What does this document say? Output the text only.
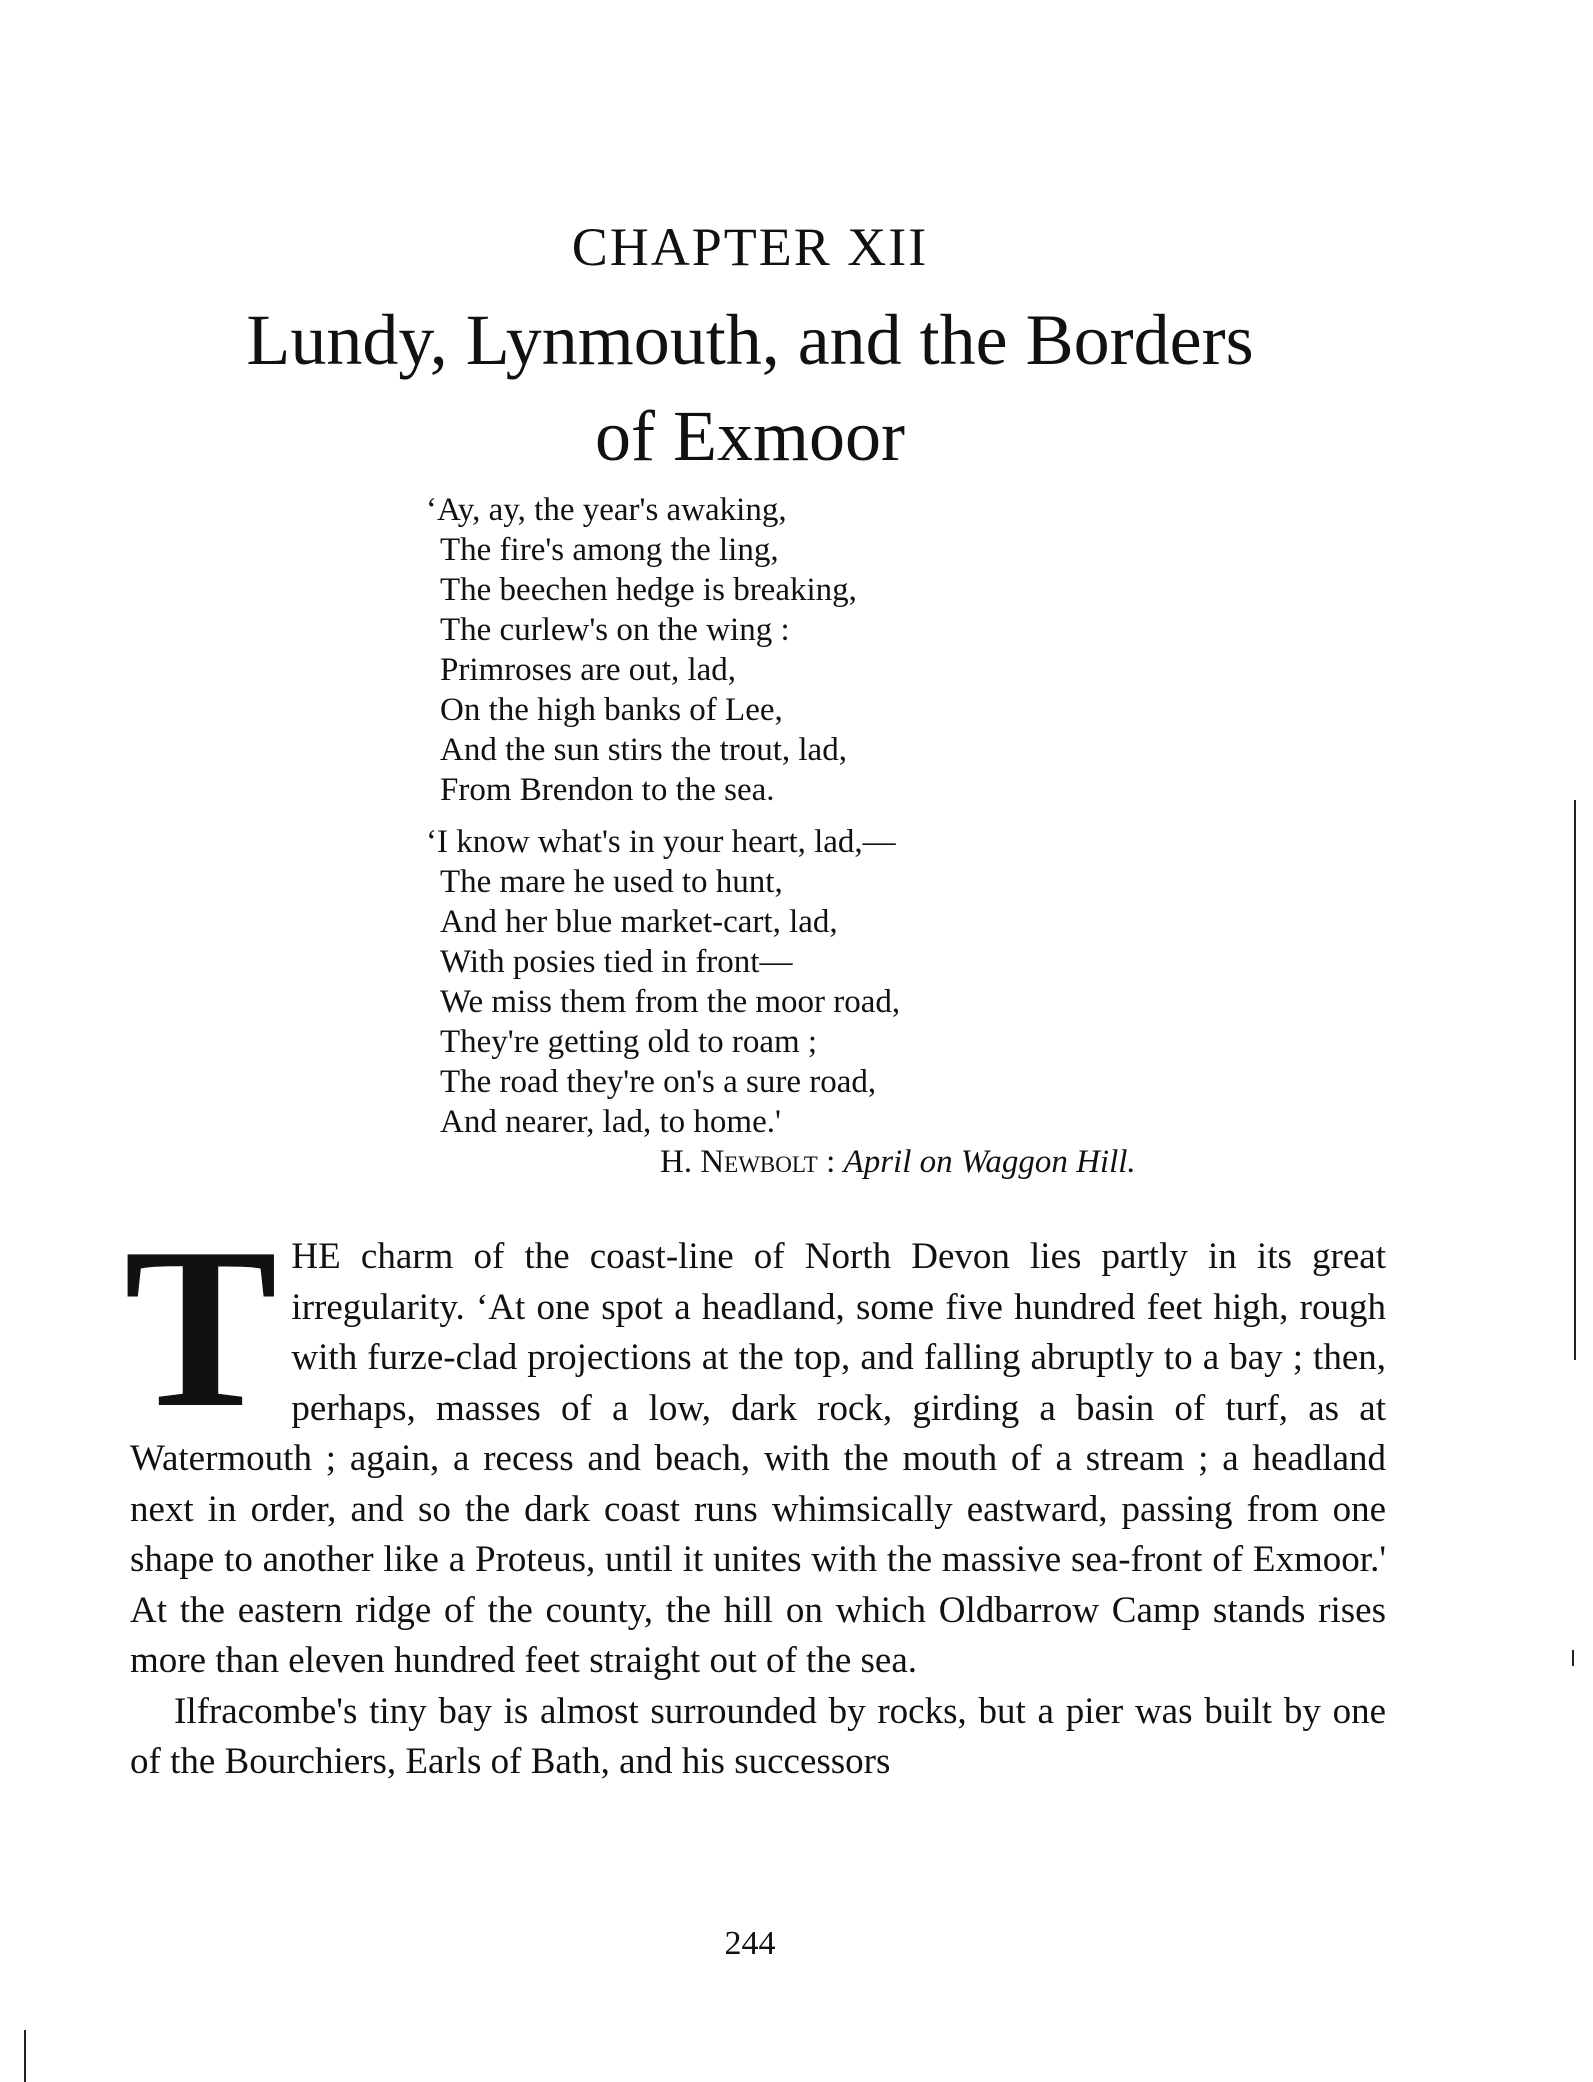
CHAPTER XII
Lundy, Lynmouth, and the Borders
of Exmoor
‘Ay, ay, the year's awaking,
The fire's among the ling,
The beechen hedge is breaking,
The curlew's on the wing :
Primroses are out, lad,
On the high banks of Lee,
And the sun stirs the trout, lad,
From Brendon to the sea.
‘I know what's in your heart, lad,—
The mare he used to hunt,
And her blue market-cart, lad,
With posies tied in front—
We miss them from the moor road,
They're getting old to roam ;
The road they're on's a sure road,
And nearer, lad, to home.'
H. Newbolt : April on Waggon Hill.

THE charm of the coast-line of North Devon lies partly in its great irregularity. ‘At one spot a headland, some five hundred feet high, rough with furze-clad projections at the top, and falling abruptly to a bay ; then, perhaps, masses of a low, dark rock, girding a basin of turf, as at Watermouth ; again, a recess and beach, with the mouth of a stream ; a headland next in order, and so the dark coast runs whimsically eastward, passing from one shape to another like a Proteus, until it unites with the massive sea-front of Exmoor.' At the eastern ridge of the county, the hill on which Oldbarrow Camp stands rises more than eleven hundred feet straight out of the sea.

Ilfracombe's tiny bay is almost surrounded by rocks, but a pier was built by one of the Bourchiers, Earls of Bath, and his successors

244
